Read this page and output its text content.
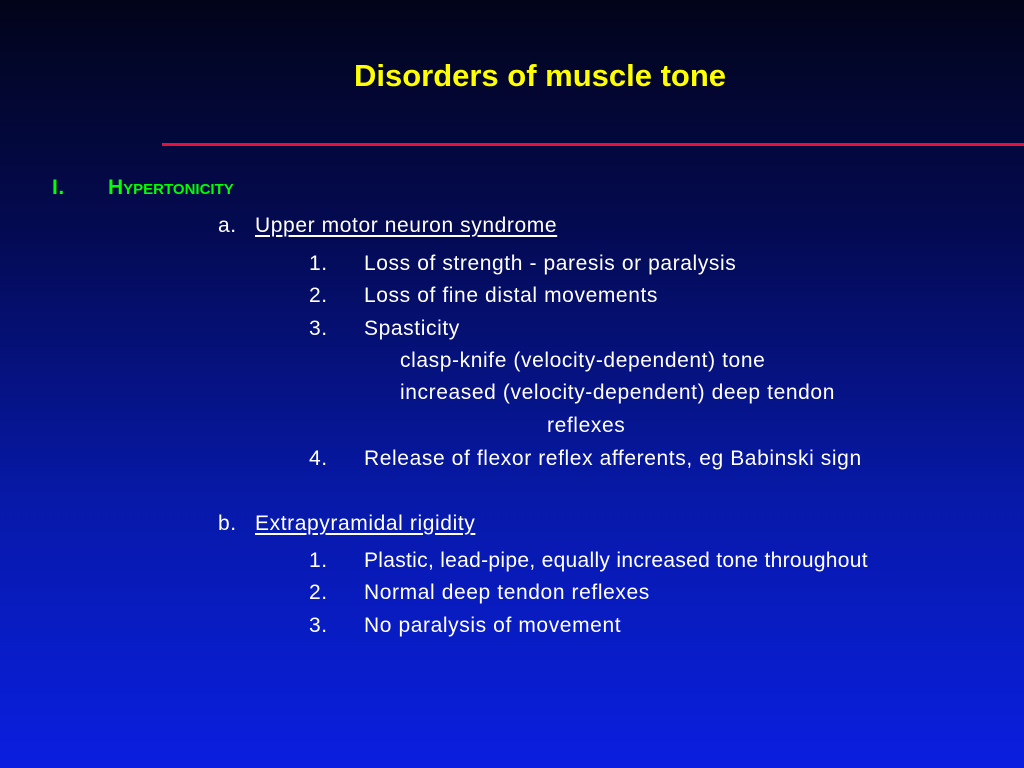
Disorders of muscle tone
I. HYPERTONICITY
a. Upper motor neuron syndrome
1. Loss of strength - paresis or paralysis
2. Loss of fine distal movements
3. Spasticity
clasp-knife (velocity-dependent) tone
increased (velocity-dependent) deep tendon
reflexes
4. Release of flexor reflex afferents, eg Babinski sign
b. Extrapyramidal rigidity
1. Plastic, lead-pipe, equally increased tone throughout
2. Normal deep tendon reflexes
3. No paralysis of movement
